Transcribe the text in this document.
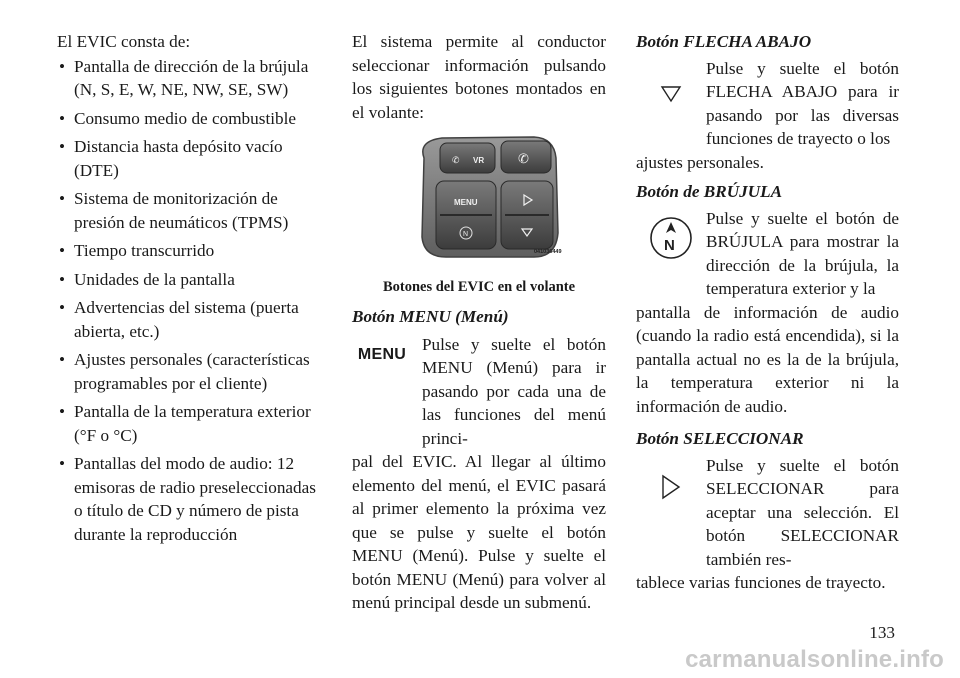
El EVIC consta de:

• Pantalla de dirección de la brújula (N, S, E, W, NE, NW, SE, SW)
• Consumo medio de combustible
• Distancia hasta depósito vacío (DTE)
• Sistema de monitorización de presión de neumáticos (TPMS)
• Tiempo transcurrido
• Unidades de la pantalla
• Advertencias del sistema (puerta abierta, etc.)
• Ajustes personales (características programables por el cliente)
• Pantalla de la temperatura exterior (°F o °C)
• Pantallas del modo de audio: 12 emisoras de radio preseleccionadas o título de CD y número de pista durante la reproducción

El sistema permite al conductor seleccionar información pulsando los siguientes botones montados en el volante:

VR
✆	✆
MENU
N
041036449

Botones del EVIC en el volante

Botón MENU (Menú)
MENU

Pulse y suelte el botón MENU (Menú) para ir pasando por cada una de las funciones del menú princi-

pal del EVIC. Al llegar al último elemento del menú, el EVIC pasará al primer elemento la próxima vez que se pulse y suelte el botón MENU (Menú). Pulse y suelte el botón MENU (Menú) para volver al menú principal desde un submenú.

Botón FLECHA ABAJO

Pulse y suelte el botón FLECHA ABAJO para ir pasando por las diversas funciones de trayecto o los

ajustes personales.

Botón de BRÚJULA
N

Pulse y suelte el botón de BRÚJULA para mostrar la dirección de la brújula, la temperatura exterior y la

pantalla de información de audio (cuando la radio está encendida), si la pantalla actual no es la de la brújula, la temperatura exterior ni la información de audio.

Botón SELECCIONAR

Pulse y suelte el botón SELECCIONAR para aceptar una selección. El botón SELECCIONAR también res-

tablece varias funciones de trayecto.

133
carmanualsonline.info
